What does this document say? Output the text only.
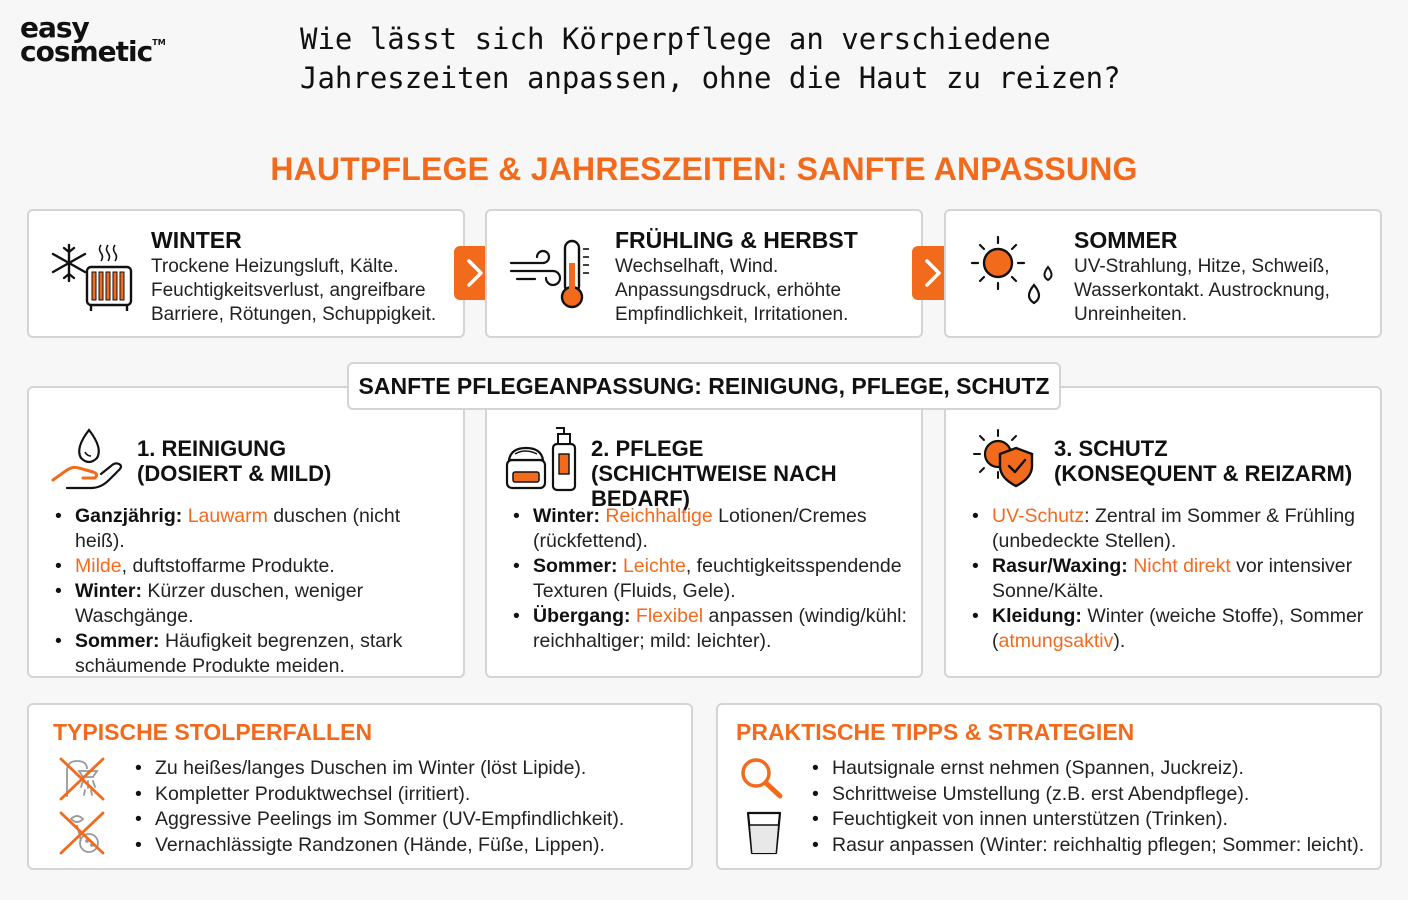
easy
cosmetic™	Wie lässt sich Körperpflege an verschiedene Jahreszeiten anpassen, ohne die Haut zu reizen?
HAUTPFLEGE & JAHRESZEITEN: SANFTE ANPASSUNG
WINTER

Trockene Heizungsluft, Kälte.

Feuchtigkeitsverlust, angreifbare

Barriere, Rötungen, Schuppigkeit.

FRÜHLING & HERBST

Wechselhaft, Wind.

Anpassungsdruck, erhöhte

Empfindlichkeit, Irritationen.

SOMMER

UV-Strahlung, Hitze, Schweiß,

Wasserkontakt. Austrocknung,

Unreinheiten.

1. REINIGUNG
(DOSIERT & MILD)
• Ganzjährig: Lauwarm duschen (nicht heiß).
• Milde, duftstoffarme Produkte.
• Winter: Kürzer duschen, weniger Waschgänge.
• Sommer: Häufigkeit begrenzen, stark schäumende Produkte meiden.
2. PFLEGE
(SCHICHTWEISE NACH BEDARF)
• Winter: Reichhaltige Lotionen/Cremes (rückfettend).
• Sommer: Leichte, feuchtigkeitsspendende Texturen (Fluids, Gele).
• Übergang: Flexibel anpassen (windig/kühl: reichhaltiger; mild: leichter).
3. SCHUTZ
(KONSEQUENT & REIZARM)
• UV-Schutz: Zentral im Sommer & Frühling (unbedeckte Stellen).
• Rasur/Waxing: Nicht direkt vor intensiver Sonne/Kälte.
• Kleidung: Winter (weiche Stoffe), Sommer (atmungsaktiv).
SANFTE PFLEGEANPASSUNG: REINIGUNG, PFLEGE, SCHUTZ
TYPISCHE STOLPERFALLEN
• Zu heißes/langes Duschen im Winter (löst Lipide).
• Kompletter Produktwechsel (irritiert).
• Aggressive Peelings im Sommer (UV-Empfindlichkeit).
• Vernachlässigte Randzonen (Hände, Füße, Lippen).
PRAKTISCHE TIPPS & STRATEGIEN
• Hautsignale ernst nehmen (Spannen, Juckreiz).
• Schrittweise Umstellung (z.B. erst Abendpflege).
• Feuchtigkeit von innen unterstützen (Trinken).
• Rasur anpassen (Winter: reichhaltig pflegen; Sommer: leicht).
